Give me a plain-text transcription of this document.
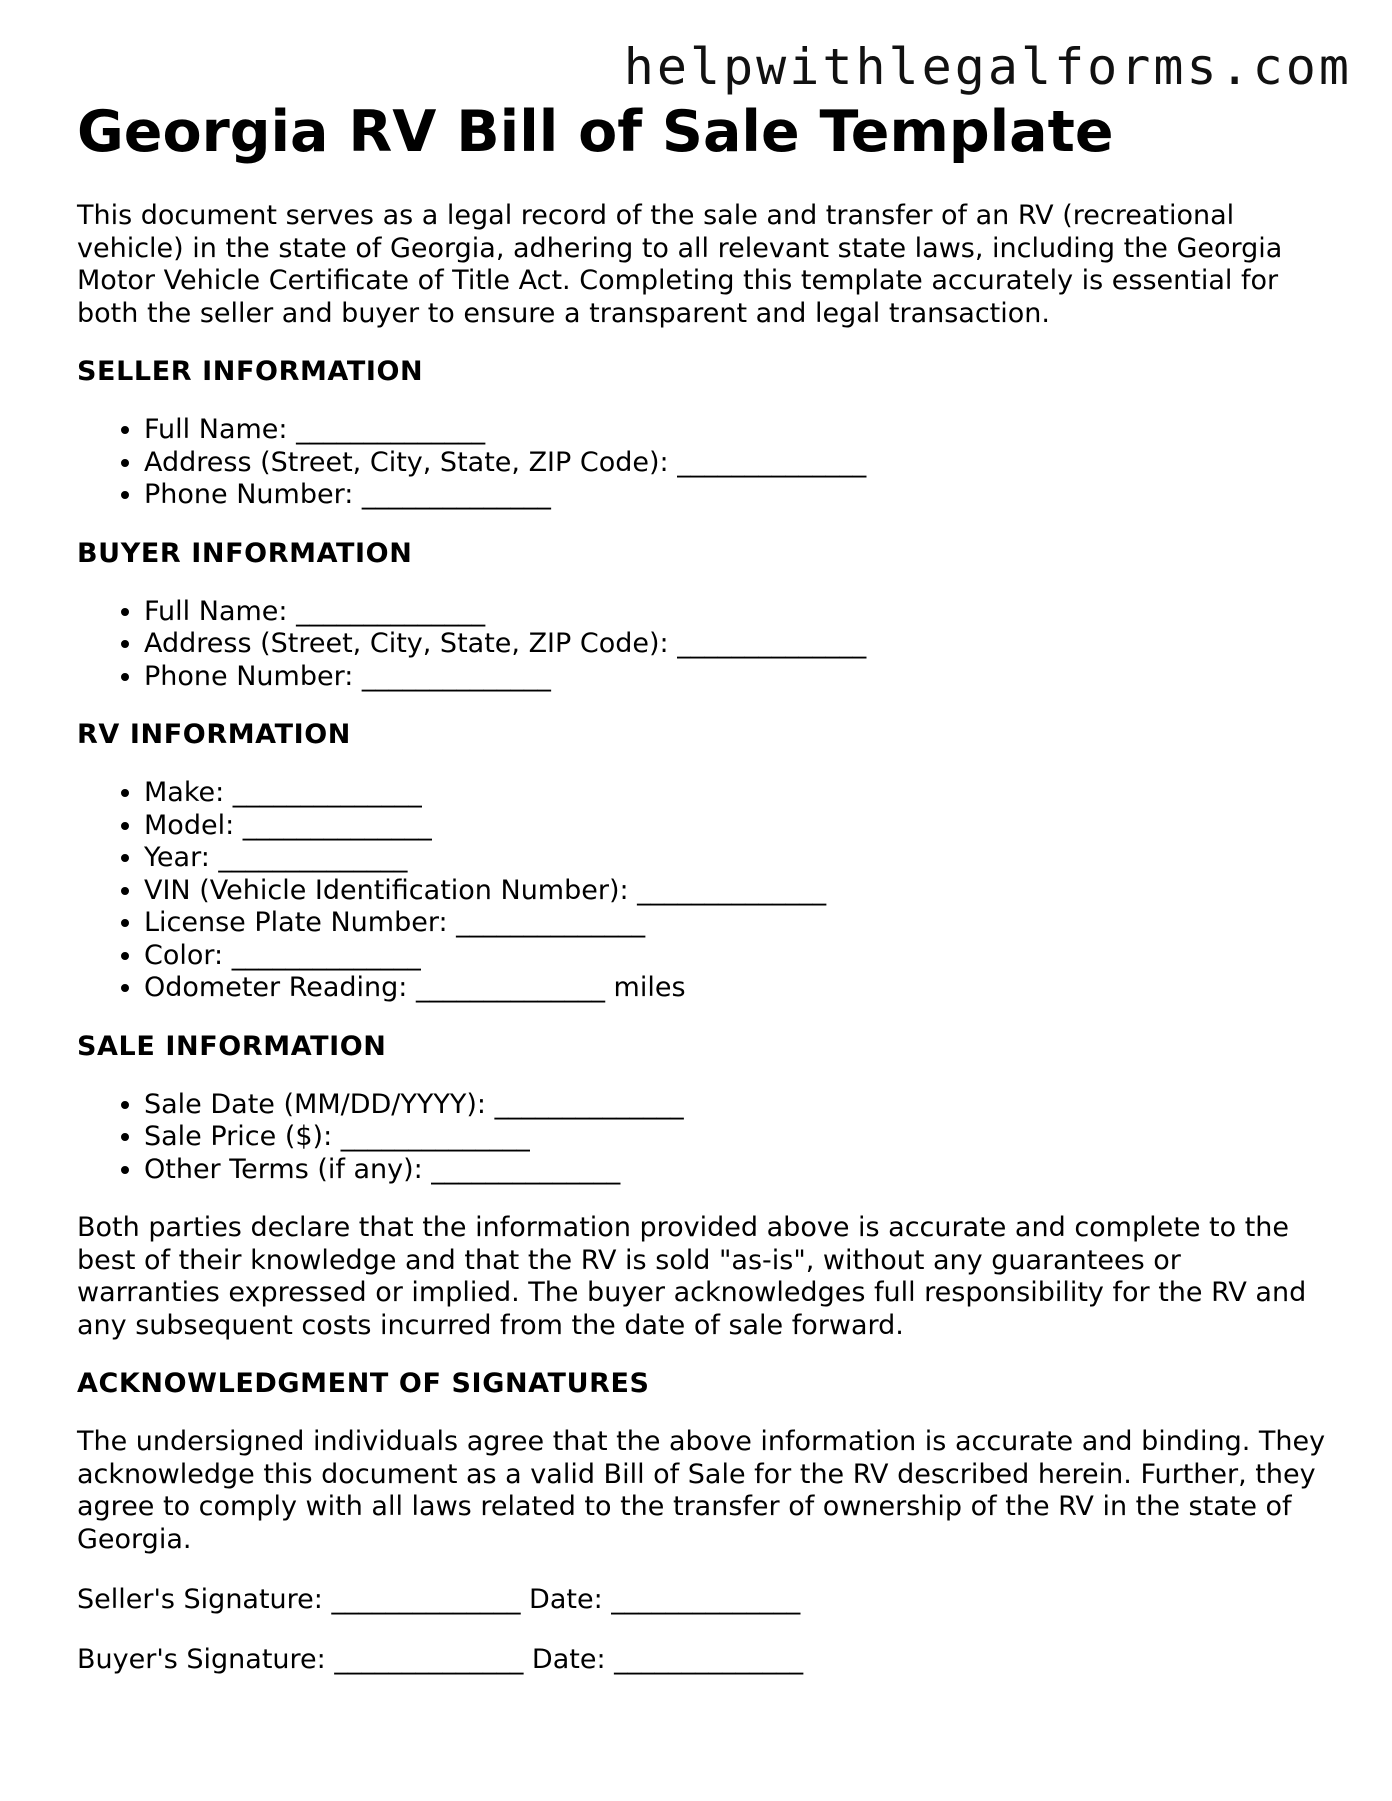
helpwithlegalforms.com
Georgia RV Bill of Sale Template

This document serves as a legal record of the sale and transfer of an RV (recreational vehicle) in the state of Georgia, adhering to all relevant state laws, including the Georgia Motor Vehicle Certificate of Title Act. Completing this template accurately is essential for both the seller and buyer to ensure a transparent and legal transaction.

SELLER INFORMATION
• Full Name: ______________
• Address (Street, City, State, ZIP Code): ______________
• Phone Number: ______________
BUYER INFORMATION
• Full Name: ______________
• Address (Street, City, State, ZIP Code): ______________
• Phone Number: ______________
RV INFORMATION
• Make: ______________
• Model: ______________
• Year: ______________
• VIN (Vehicle Identification Number): ______________
• License Plate Number: ______________
• Color: ______________
• Odometer Reading: ______________ miles
SALE INFORMATION
• Sale Date (MM/DD/YYYY): ______________
• Sale Price ($): ______________
• Other Terms (if any): ______________

Both parties declare that the information provided above is accurate and complete to the best of their knowledge and that the RV is sold "as-is", without any guarantees or warranties expressed or implied. The buyer acknowledges full responsibility for the RV and any subsequent costs incurred from the date of sale forward.

ACKNOWLEDGMENT OF SIGNATURES

The undersigned individuals agree that the above information is accurate and binding. They acknowledge this document as a valid Bill of Sale for the RV described herein. Further, they agree to comply with all laws related to the transfer of ownership of the RV in the state of Georgia.

Seller's Signature: ______________ Date: ______________
Buyer's Signature: ______________ Date: ______________
